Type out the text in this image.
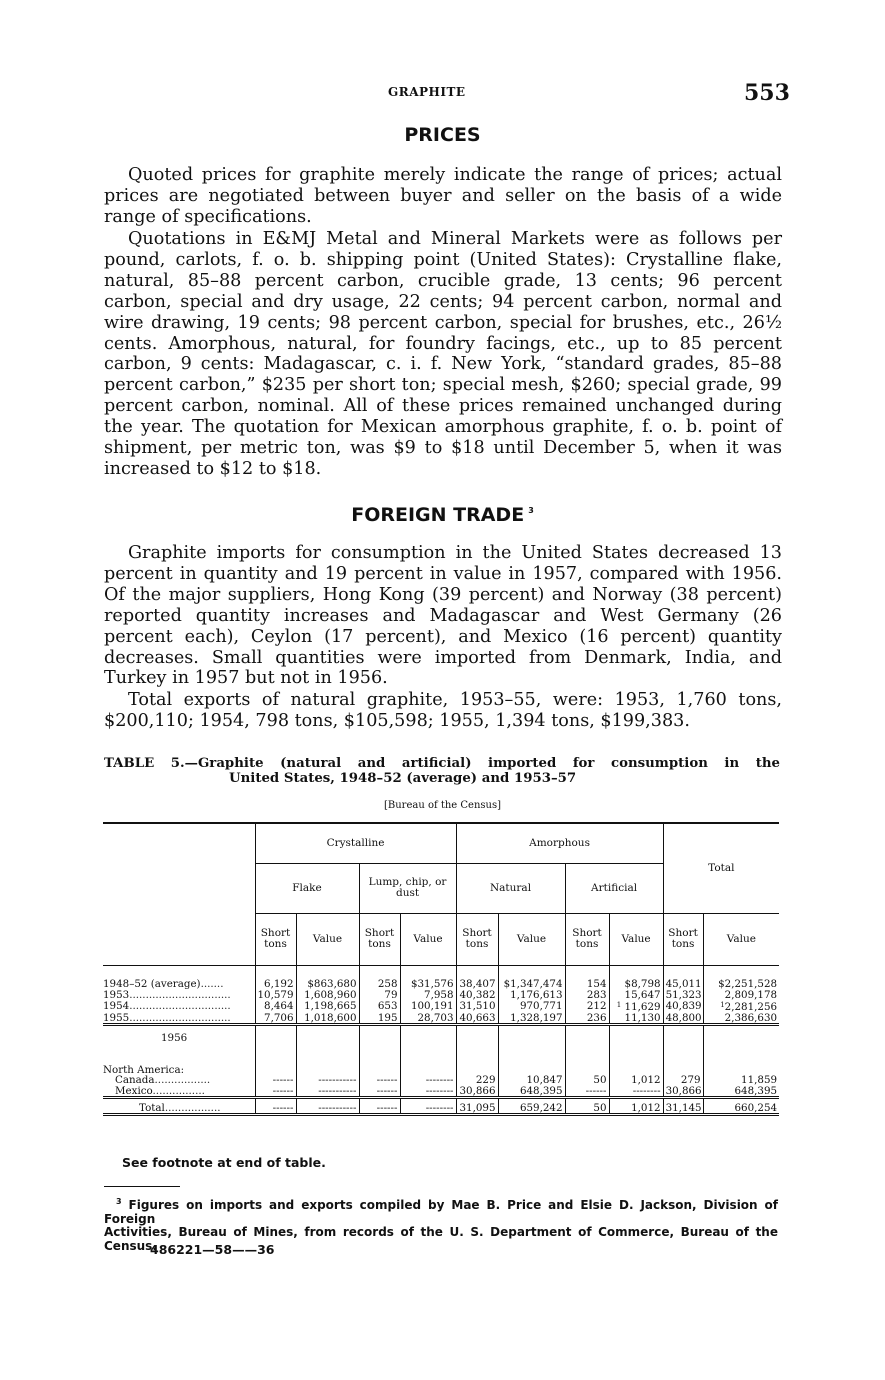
GRAPHITE	553
PRICES

Quoted prices for graphite merely indicate the range of prices; actual prices are negotiated between buyer and seller on the basis of a wide range of specifications.

Quotations in E&MJ Metal and Mineral Markets were as follows per pound, carlots, f. o. b. shipping point (United States): Crystalline flake, natural, 85–88 percent carbon, crucible grade, 13 cents; 96 percent carbon, special and dry usage, 22 cents; 94 percent carbon, normal and wire drawing, 19 cents; 98 percent carbon, special for brushes, etc., 26½ cents. Amorphous, natural, for foundry facings, etc., up to 85 percent carbon, 9 cents: Madagascar, c. i. f. New York, “standard grades, 85–88 percent carbon,” $235 per short ton; special mesh, $260; special grade, 99 percent carbon, nominal. All of these prices remained unchanged during the year. The quotation for Mexican amorphous graphite, f. o. b. point of shipment, per metric ton, was $9 to $18 until December 5, when it was increased to $12 to $18.

FOREIGN TRADE $^3$

Graphite imports for consumption in the United States decreased 13 percent in quantity and 19 percent in value in 1957, compared with 1956. Of the major suppliers, Hong Kong (39 percent) and Norway (38 percent) reported quantity increases and Madagascar and West Germany (26 percent each), Ceylon (17 percent), and Mexico (16 percent) quantity decreases. Small quantities were imported from Denmark, India, and Turkey in 1957 but not in 1956.

Total exports of natural graphite, 1953–55, were: 1953, 1,760 tons, $200,110; 1954, 798 tons, $105,598; 1955, 1,394 tons, $199,383.

TABLE 5.—Graphite (natural and artificial) imported for consumption in the
United States, 1948–52 (average) and 1953–57
[Bureau of the Census]
	Crystalline				Amorphous				Total	
	Flake		Lump, chip, or dust		Natural		Artificial			
	Short tons	Value	Short tons	Value	Short tons	Value	Short tons	Value	Short tons	Value

1948–52 (average).......	6,192	$863,680	258	$31,576	38,407	$1,347,474	154	$8,798	45,011	$2,251,528
1953...............................	10,579	1,608,960	79	7,958	40,382	1,176,613	283	15,647	51,323	2,809,178
1954...............................	8,464	1,198,665	653	100,191	31,510	970,771	212	$^1$ 11,629	40,839	$^1$2,281,256
1955...............................	7,706	1,018,600	195	28,703	40,663	1,328,197	236	11,130	48,800	2,386,630
1956										

North America:										
Canada.................	------	-----------	------	--------	229	10,847	50	1,012	279	11,859
Mexico................	------	-----------	------	--------	30,866	648,395	------	--------	30,866	648,395

Total.................	------	-----------	------	--------	31,095	659,242	50	1,012	31,145	660,254
See footnote at end of table.
$^3$ Figures on imports and exports compiled by Mae B. Price and Elsie D. Jackson, Division of Foreign
Activities, Bureau of Mines, from records of the U. S. Department of Commerce, Bureau of the Census.
486221—58——36
